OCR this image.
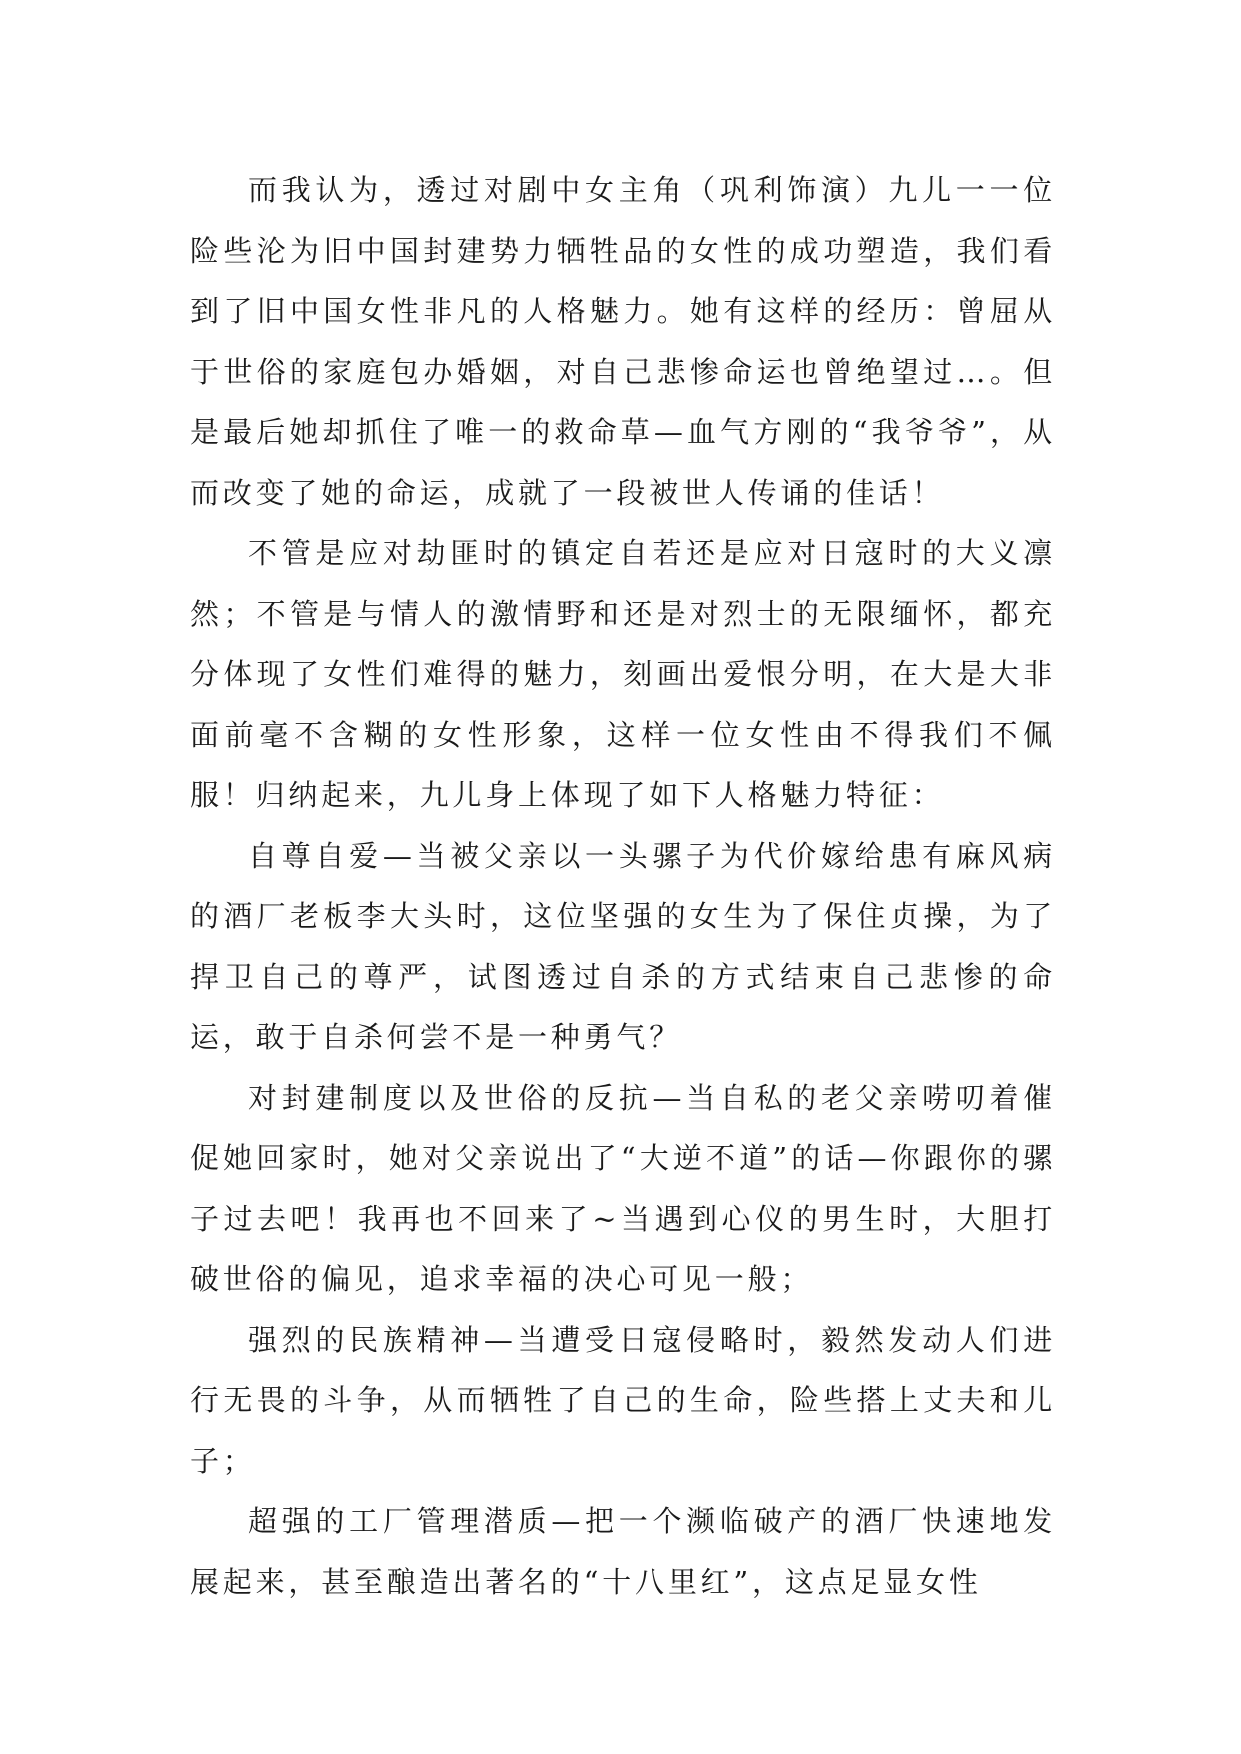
而我认为，透过对剧中女主角（巩利饰演）九儿一一位险些沦为旧中国封建势力牺牲品的女性的成功塑造，我们看到了旧中国女性非凡的人格魅力。她有这样的经历：曾屈从于世俗的家庭包办婚姻，对自己悲惨命运也曾绝望过…。但是最后她却抓住了唯一的救命草—血气方刚的“我爷爷”，从而改变了她的命运，成就了一段被世人传诵的佳话！

不管是应对劫匪时的镇定自若还是应对日寇时的大义凛然；不管是与情人的激情野和还是对烈士的无限缅怀，都充分体现了女性们难得的魅力，刻画出爱恨分明，在大是大非面前毫不含糊的女性形象，这样一位女性由不得我们不佩服！归纳起来，九儿身上体现了如下人格魅力特征：

自尊自爱—当被父亲以一头骡子为代价嫁给患有麻风病的酒厂老板李大头时，这位坚强的女生为了保住贞操，为了捍卫自己的尊严，试图透过自杀的方式结束自己悲惨的命运，敢于自杀何尝不是一种勇气？

对封建制度以及世俗的反抗—当自私的老父亲唠叨着催促她回家时，她对父亲说出了“大逆不道”的话—你跟你的骡子过去吧！我再也不回来了~当遇到心仪的男生时，大胆打破世俗的偏见，追求幸福的决心可见一般；

强烈的民族精神—当遭受日寇侵略时，毅然发动人们进行无畏的斗争，从而牺牲了自己的生命，险些搭上丈夫和儿子；

超强的工厂管理潜质—把一个濒临破产的酒厂快速地发展起来，甚至酿造出著名的“十八里红”，这点足显女性
